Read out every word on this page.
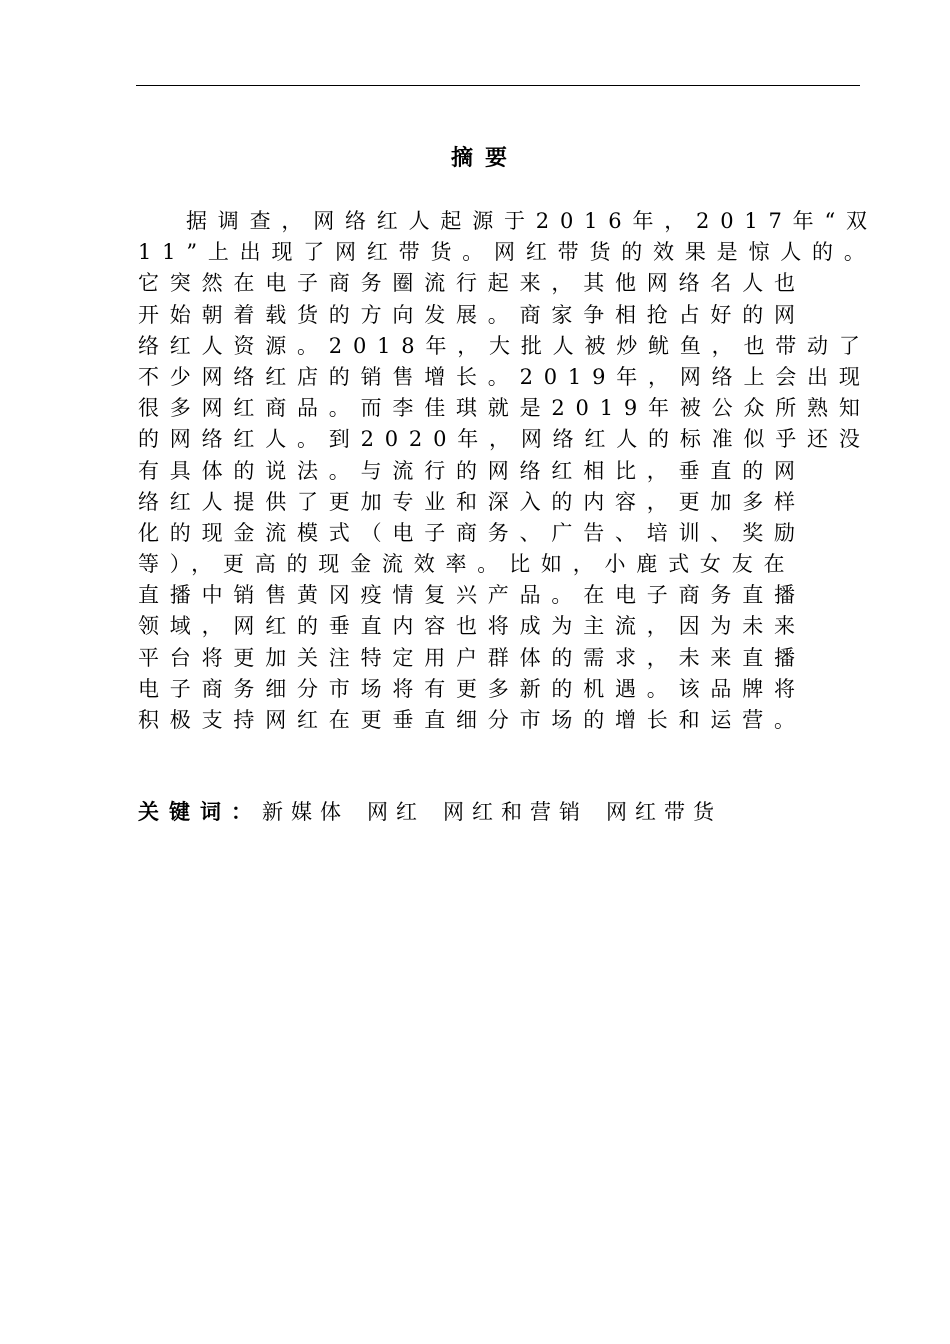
摘要
据调查，网络红人起源于2016年，2017年“双
11”上出现了网红带货。网红带货的效果是惊人的。
它突然在电子商务圈流行起来，其他网络名人也
开始朝着载货的方向发展。商家争相抢占好的网
络红人资源。2018年，大批人被炒鱿鱼，也带动了
不少网络红店的销售增长。2019年，网络上会出现
很多网红商品。而李佳琪就是2019年被公众所熟知
的网络红人。到2020年，网络红人的标准似乎还没
有具体的说法。与流行的网络红相比，垂直的网
络红人提供了更加专业和深入的内容，更加多样
化的现金流模式（电子商务、广告、培训、奖励
等），更高的现金流效率。比如，小鹿式女友在
直播中销售黄冈疫情复兴产品。在电子商务直播
领域，网红的垂直内容也将成为主流，因为未来
平台将更加关注特定用户群体的需求，未来直播
电子商务细分市场将有更多新的机遇。该品牌将
积极支持网红在更垂直细分市场的增长和运营。
关键词：新媒体 网红 网红和营销 网红带货
